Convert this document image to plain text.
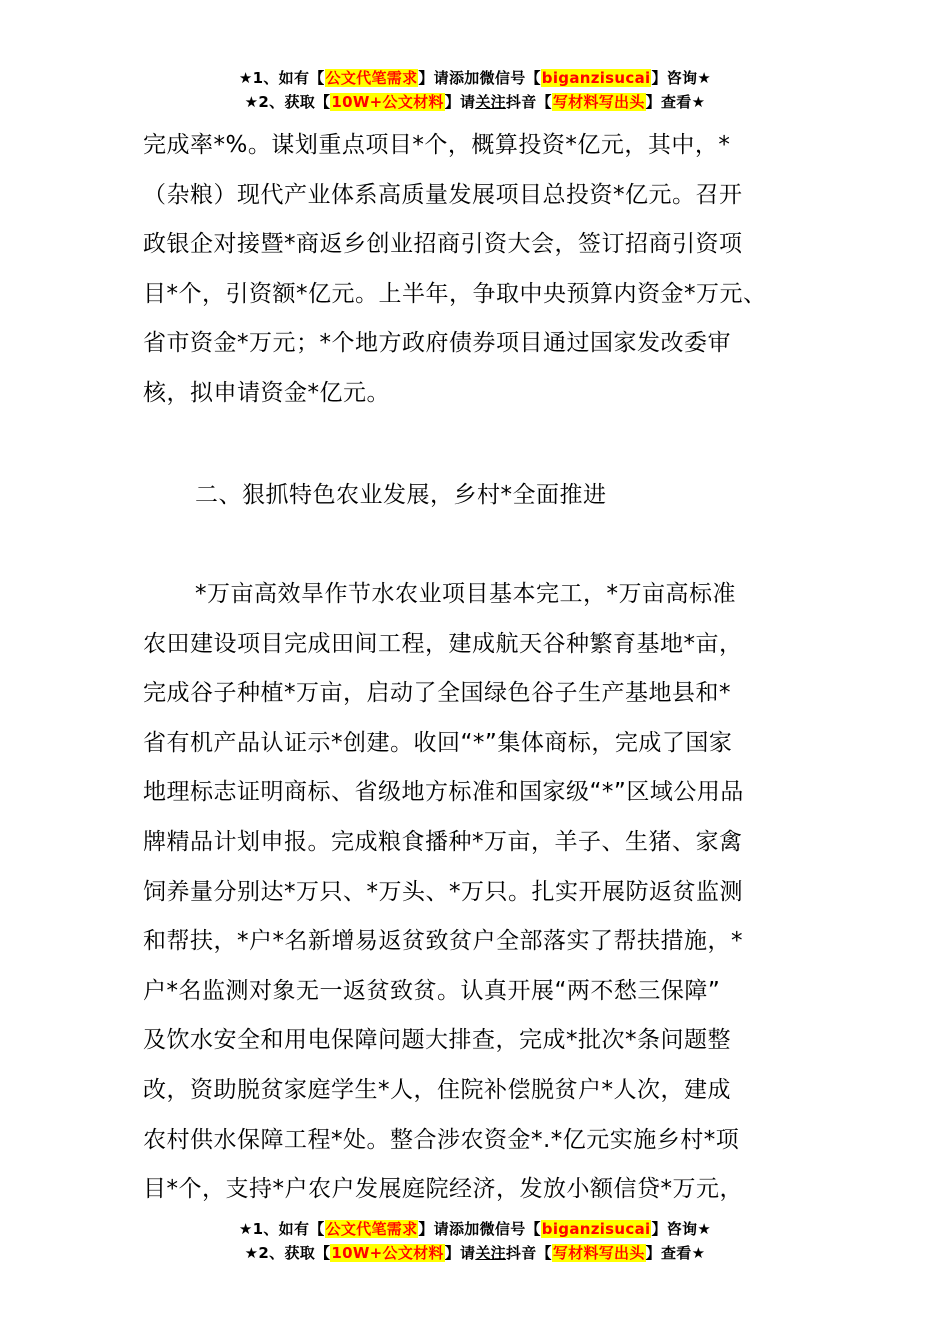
★1、如有【公文代笔需求】请添加微信号【biganzisucai】咨询★
★2、获取【10W+公文材料】请关注抖音【写材料写出头】查看★

完成率*%。谋划重点项目*个，概算投资*亿元，其中，*

（杂粮）现代产业体系高质量发展项目总投资*亿元。召开

政银企对接暨*商返乡创业招商引资大会，签订招商引资项

目*个，引资额*亿元。上半年，争取中央预算内资金*万元、

省市资金*万元；*个地方政府债券项目通过国家发改委审

核，拟申请资金*亿元。

二、狠抓特色农业发展，乡村*全面推进

*万亩高效旱作节水农业项目基本完工，*万亩高标准

农田建设项目完成田间工程，建成航天谷种繁育基地*亩，

完成谷子种植*万亩，启动了全国绿色谷子生产基地县和*

省有机产品认证示*创建。收回“*”集体商标，完成了国家

地理标志证明商标、省级地方标准和国家级“*”区域公用品

牌精品计划申报。完成粮食播种*万亩，羊子、生猪、家禽

饲养量分别达*万只、*万头、*万只。扎实开展防返贫监测

和帮扶，*户*名新增易返贫致贫户全部落实了帮扶措施，*

户*名监测对象无一返贫致贫。认真开展“两不愁三保障”

及饮水安全和用电保障问题大排查，完成*批次*条问题整

改，资助脱贫家庭学生*人，住院补偿脱贫户*人次，建成

农村供水保障工程*处。整合涉农资金*.*亿元实施乡村*项

目*个，支持*户农户发展庭院经济，发放小额信贷*万元，

★1、如有【公文代笔需求】请添加微信号【biganzisucai】咨询★
★2、获取【10W+公文材料】请关注抖音【写材料写出头】查看★
